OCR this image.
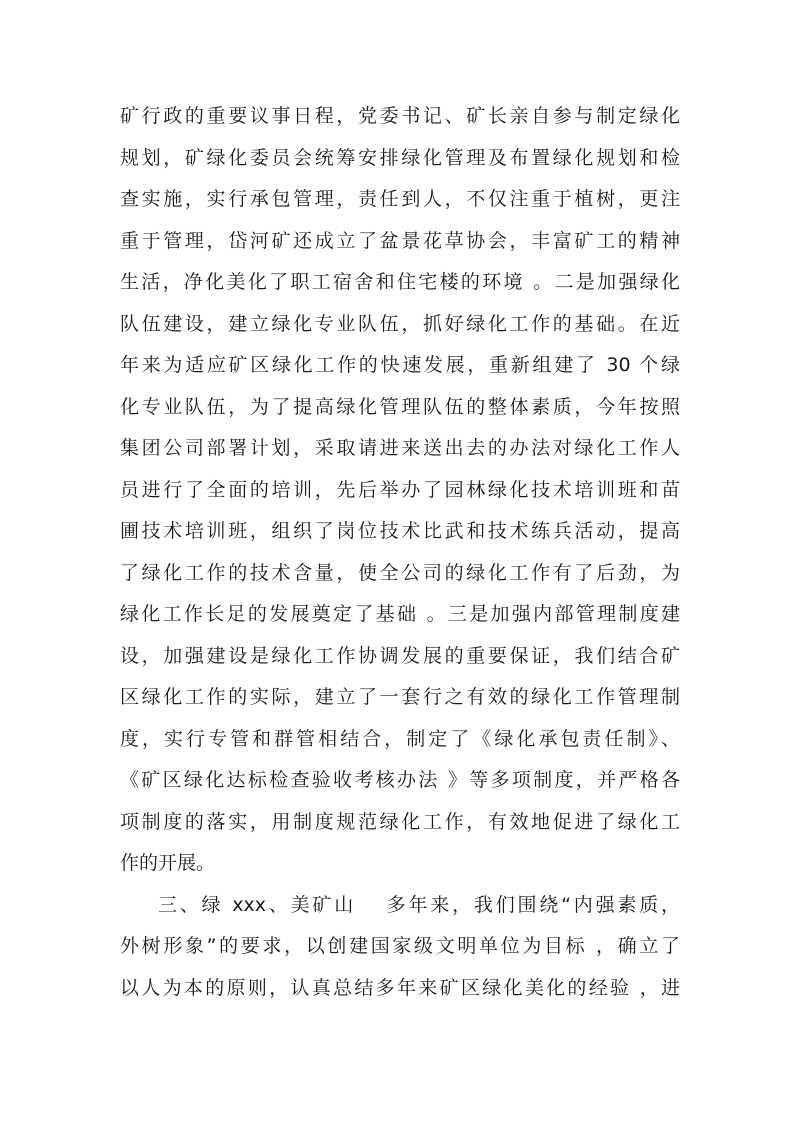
矿行政的重要议事日程，党委书记、矿长亲自参与制定绿化
规划，矿绿化委员会统筹安排绿化管理及布置绿化规划和检
查实施，实行承包管理，责任到人，不仅注重于植树，更注
重于管理，岱河矿还成立了盆景花草协会，丰富矿工的精神
生活，净化美化了职工宿舍和住宅楼的环境 。二是加强绿化
队伍建设，建立绿化专业队伍，抓好绿化工作的基础。在近
年来为适应矿区绿化工作的快速发展，重新组建了 30 个绿
化专业队伍，为了提高绿化管理队伍的整体素质，今年按照
集团公司部署计划，采取请进来送出去的办法对绿化工作人
员进行了全面的培训，先后举办了园林绿化技术培训班和苗
圃技术培训班，组织了岗位技术比武和技术练兵活动，提高
了绿化工作的技术含量，使全公司的绿化工作有了后劲，为
绿化工作长足的发展奠定了基础 。三是加强内部管理制度建
设，加强建设是绿化工作协调发展的重要保证，我们结合矿
区绿化工作的实际，建立了一套行之有效的绿化工作管理制
度，实行专管和群管相结合，制定了《绿化承包责任制》、
《矿区绿化达标检查验收考核办法 》等多项制度，并严格各
项制度的落实，用制度规范绿化工作，有效地促进了绿化工
作的开展。
三、绿 xxx、美矿山　 多年来，我们围绕“内强素质，
外树形象”的要求，以创建国家级文明单位为目标 ，确立了
以人为本的原则，认真总结多年来矿区绿化美化的经验 ，进
